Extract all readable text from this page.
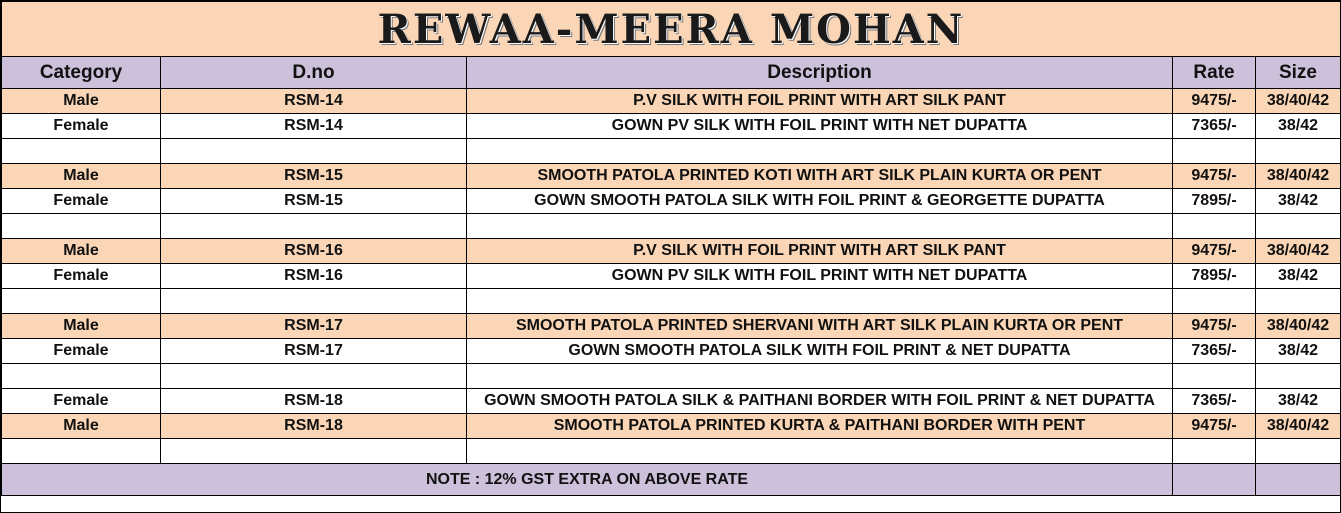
REWAA-MEERA MOHAN				
Category	D.no	Description	Rate	Size
Male	RSM-14	P.V SILK WITH FOIL PRINT WITH ART SILK PANT	9475/-	38/40/42
Female	RSM-14	GOWN PV SILK WITH FOIL PRINT WITH NET DUPATTA	7365/-	38/42

Male	RSM-15	SMOOTH PATOLA PRINTED KOTI WITH ART SILK PLAIN KURTA OR PENT	9475/-	38/40/42
Female	RSM-15	GOWN SMOOTH PATOLA SILK WITH FOIL PRINT & GEORGETTE DUPATTA	7895/-	38/42

Male	RSM-16	P.V SILK WITH FOIL PRINT WITH ART SILK PANT	9475/-	38/40/42
Female	RSM-16	GOWN PV SILK WITH FOIL PRINT WITH NET DUPATTA	7895/-	38/42

Male	RSM-17	SMOOTH PATOLA PRINTED SHERVANI WITH ART SILK PLAIN KURTA OR PENT	9475/-	38/40/42
Female	RSM-17	GOWN SMOOTH PATOLA SILK WITH FOIL PRINT & NET DUPATTA	7365/-	38/42

Female	RSM-18	GOWN SMOOTH PATOLA SILK & PAITHANI BORDER WITH FOIL PRINT & NET DUPATTA	7365/-	38/42
Male	RSM-18	SMOOTH PATOLA PRINTED KURTA & PAITHANI BORDER WITH PENT	9475/-	38/40/42

NOTE : 12% GST EXTRA ON ABOVE RATE				
